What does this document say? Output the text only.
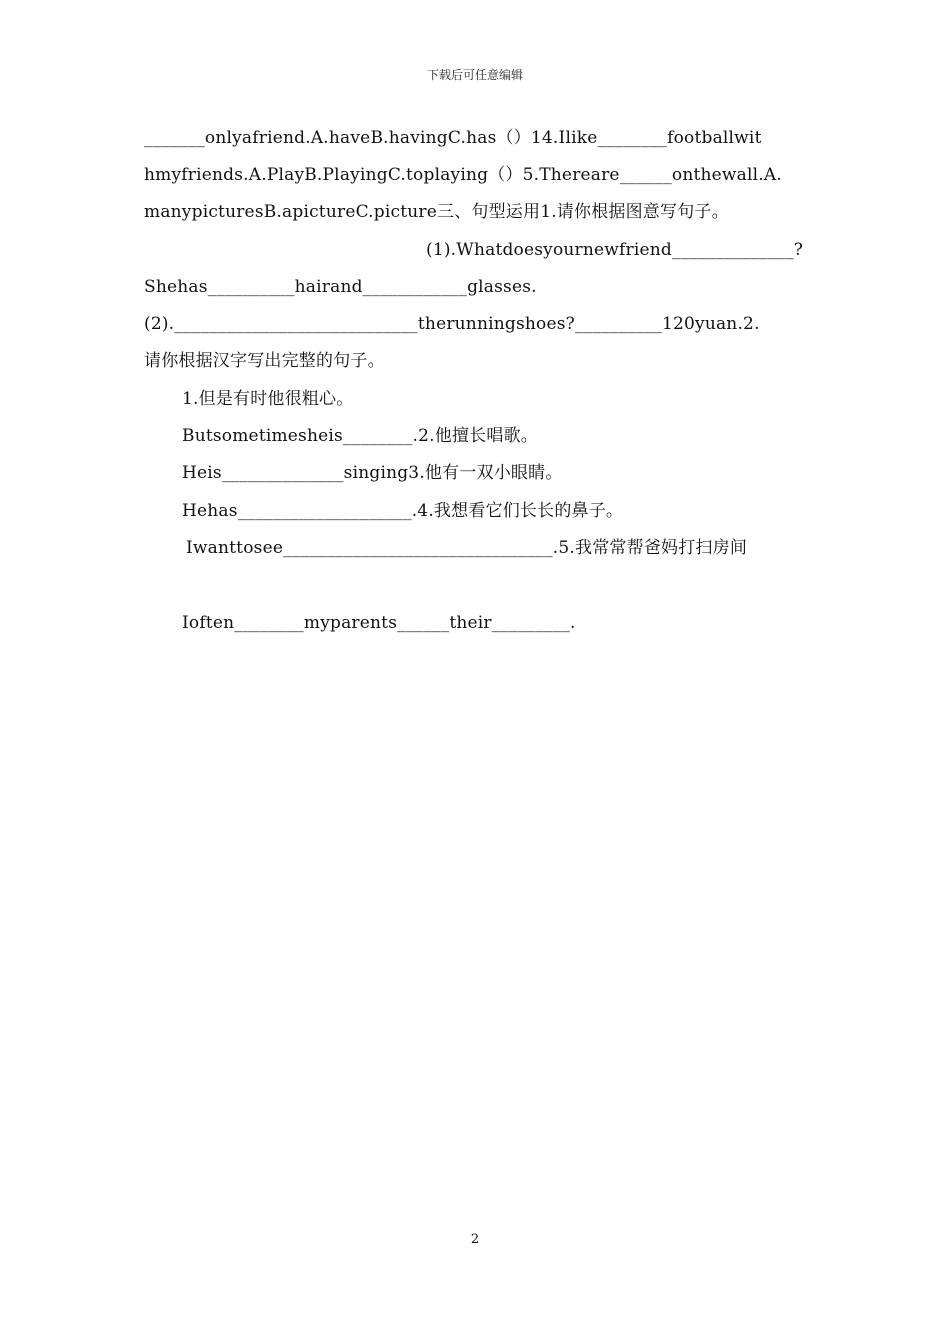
下载后可任意编辑
_______onlyafriend.A.haveB.havingC.has（）14.Ilike________footballwit
hmyfriends.A.PlayB.PlayingC.toplaying（）5.Thereare______onthewall.A.
manypicturesB.apictureC.picture三、句型运用1.请你根据图意写句子。
(1).Whatdoesyournewfriend______________?
Shehas__________hairand____________glasses.
(2).____________________________therunningshoes?__________120yuan.2.
请你根据汉字写出完整的句子。
1.但是有时他很粗心。
Butsometimesheis________.2.他擅长唱歌。
Heis______________singing3.他有一双小眼睛。
Hehas____________________.4.我想看它们长长的鼻子。
Iwanttosee_______________________________.5.我常常帮爸妈打扫房间
Ioften________myparents______their_________.
2
